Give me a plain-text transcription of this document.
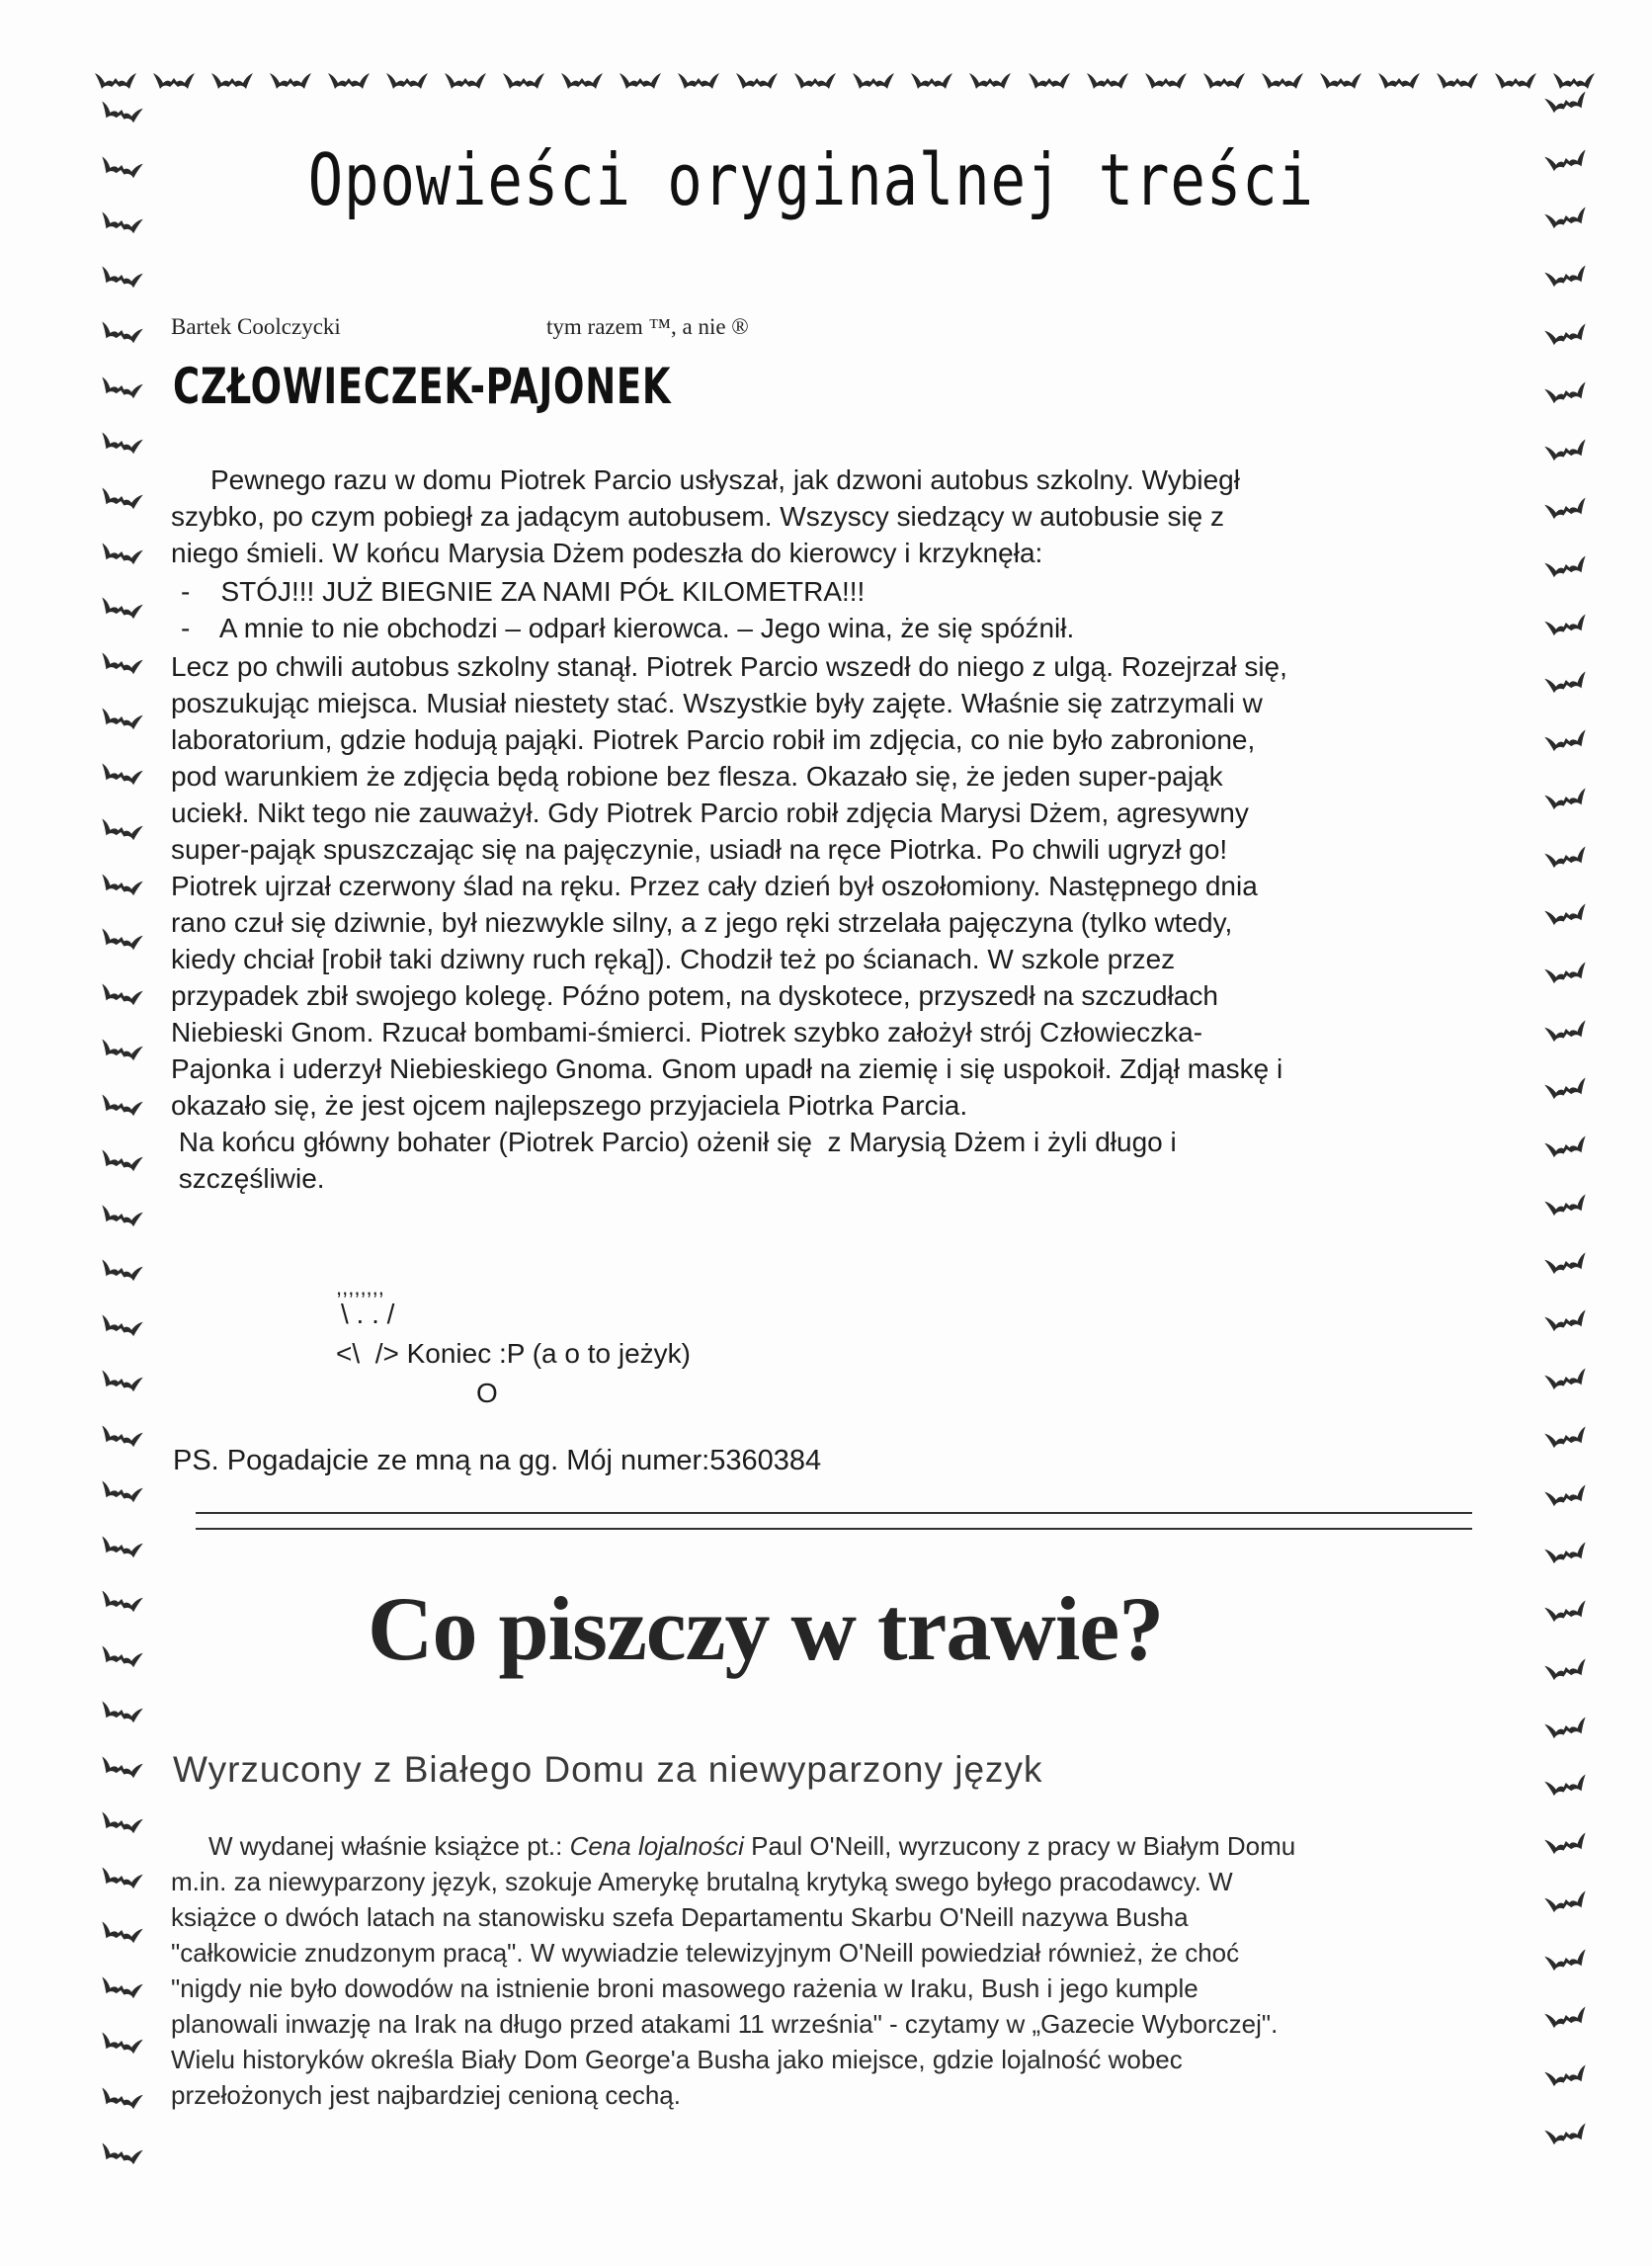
Opowieści oryginalnej treści
Bartek Coolczycki	tym razem ™, a nie ®
CZŁOWIECZEK-PAJONEK
Pewnego razu w domu Piotrek Parcio usłyszał, jak dzwoni autobus szkolny. Wybiegł
szybko, po czym pobiegł za jadącym autobusem. Wszyscy siedzący w autobusie się z
niego śmieli. W końcu Marysia Dżem podeszła do kierowcy i krzyknęła:
-    STÓJ!!! JUŻ BIEGNIE ZA NAMI PÓŁ KILOMETRA!!!
-    A mnie to nie obchodzi – odparł kierowca. – Jego wina, że się spóźnił.
Lecz po chwili autobus szkolny stanął. Piotrek Parcio wszedł do niego z ulgą. Rozejrzał się,
poszukując miejsca. Musiał niestety stać. Wszystkie były zajęte. Właśnie się zatrzymali w
laboratorium, gdzie hodują pająki. Piotrek Parcio robił im zdjęcia, co nie było zabronione,
pod warunkiem że zdjęcia będą robione bez flesza. Okazało się, że jeden super-pająk
uciekł. Nikt tego nie zauważył. Gdy Piotrek Parcio robił zdjęcia Marysi Dżem, agresywny
super-pająk spuszczając się na pajęczynie, usiadł na ręce Piotrka. Po chwili ugryzł go!
Piotrek ujrzał czerwony ślad na ręku. Przez cały dzień był oszołomiony. Następnego dnia
rano czuł się dziwnie, był niezwykle silny, a z jego ręki strzelała pajęczyna (tylko wtedy,
kiedy chciał [robił taki dziwny ruch ręką]). Chodził też po ścianach. W szkole przez
przypadek zbił swojego kolegę. Późno potem, na dyskotece, przyszedł na szczudłach
Niebieski Gnom. Rzucał bombami-śmierci. Piotrek szybko założył strój Człowieczka-
Pajonka i uderzył Niebieskiego Gnoma. Gnom upadł na ziemię i się uspokoił. Zdjął maskę i
okazało się, że jest ojcem najlepszego przyjaciela Piotrka Parcia.
Na końcu główny bohater (Piotrek Parcio) ożenił się  z Marysią Dżem i żyli długo i
szczęśliwie.
,,,,,,,,
\ . . /
<\  /> Koniec :P (a o to jeżyk)
O
PS. Pogadajcie ze mną na gg. Mój numer:5360384
Co piszczy w trawie?
Wyrzucony z Białego Domu za niewyparzony język
W wydanej właśnie książce pt.: Cena lojalności Paul O'Neill, wyrzucony z pracy w Białym Domu
m.in. za niewyparzony język, szokuje Amerykę brutalną krytyką swego byłego pracodawcy. W
książce o dwóch latach na stanowisku szefa Departamentu Skarbu O'Neill nazywa Busha
"całkowicie znudzonym pracą". W wywiadzie telewizyjnym O'Neill powiedział również, że choć
"nigdy nie było dowodów na istnienie broni masowego rażenia w Iraku, Bush i jego kumple
planowali inwazję na Irak na długo przed atakami 11 września" - czytamy w „Gazecie Wyborczej".
Wielu historyków określa Biały Dom George'a Busha jako miejsce, gdzie lojalność wobec
przełożonych jest najbardziej cenioną cechą.
